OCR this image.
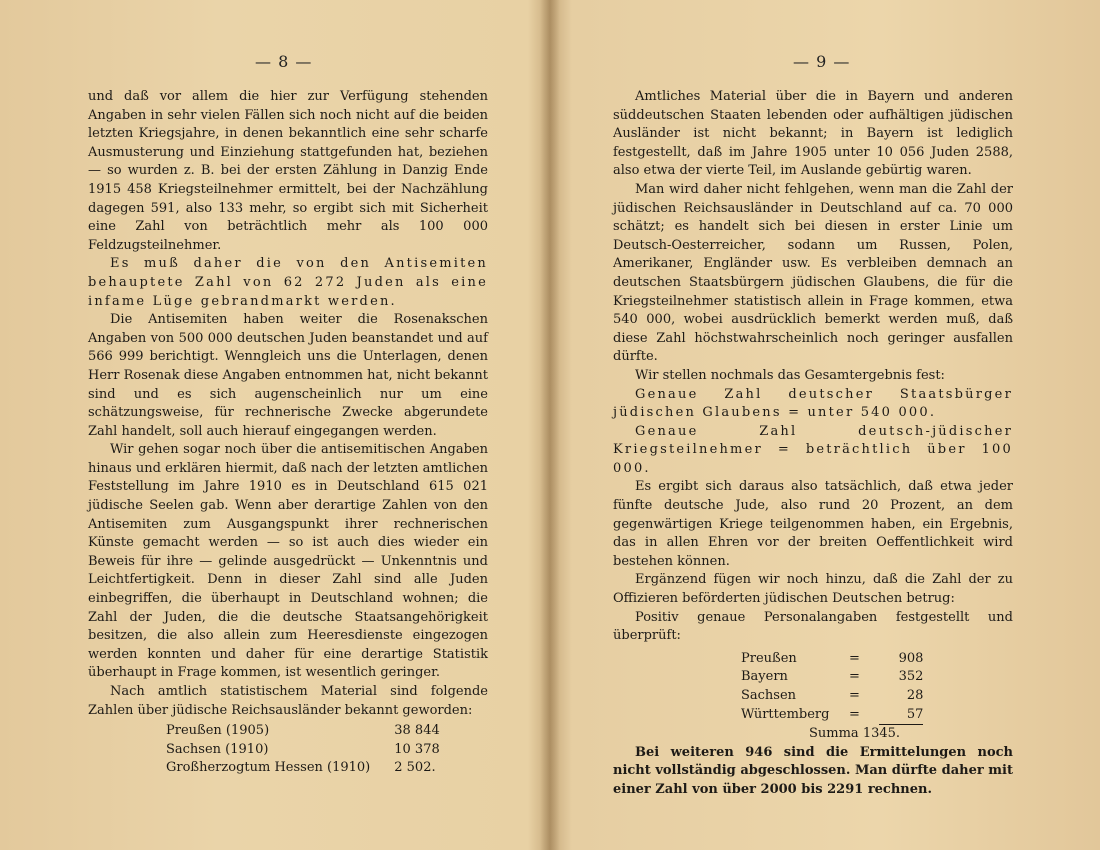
— 8 —

und daß vor allem die hier zur Verfügung stehenden Angaben in sehr vielen Fällen sich noch nicht auf die beiden letzten Kriegsjahre, in denen bekanntlich eine sehr scharfe Ausmusterung und Einziehung stattgefunden hat, beziehen — so wurden z. B. bei der ersten Zählung in Danzig Ende 1915 458 Kriegsteilnehmer ermittelt, bei der Nachzählung dagegen 591, also 133 mehr, so ergibt sich mit Sicherheit eine Zahl von beträchtlich mehr als 100 000 Feldzugsteilnehmer.

Es muß daher die von den Antisemiten behauptete Zahl von 62 272 Juden als eine infame Lüge gebrandmarkt werden.

Die Antisemiten haben weiter die Rosenakschen Angaben von 500 000 deutschen Juden beanstandet und auf 566 999 berichtigt. Wenngleich uns die Unterlagen, denen Herr Rosenak diese Angaben entnommen hat, nicht bekannt sind und es sich augenscheinlich nur um eine schätzungsweise, für rechnerische Zwecke abgerundete Zahl handelt, soll auch hierauf eingegangen werden.

Wir gehen sogar noch über die antisemitischen Angaben hinaus und erklären hiermit, daß nach der letzten amtlichen Feststellung im Jahre 1910 es in Deutschland 615 021 jüdische Seelen gab. Wenn aber derartige Zahlen von den Antisemiten zum Ausgangspunkt ihrer rechnerischen Künste gemacht werden — so ist auch dies wieder ein Beweis für ihre — gelinde ausgedrückt — Unkenntnis und Leichtfertigkeit. Denn in dieser Zahl sind alle Juden einbegriffen, die überhaupt in Deutschland wohnen; die Zahl der Juden, die die deutsche Staatsangehörigkeit besitzen, die also allein zum Heeresdienste eingezogen werden konnten und daher für eine derartige Statistik überhaupt in Frage kommen, ist wesentlich geringer.

Nach amtlich statistischem Material sind folgende Zahlen über jüdische Reichsausländer bekannt geworden:

Preußen (1905)	38 844
Sachsen (1910)	10 378
Großherzogtum Hessen (1910)	2 502.
— 9 —

Amtliches Material über die in Bayern und anderen süddeutschen Staaten lebenden oder aufhältigen jüdischen Ausländer ist nicht bekannt; in Bayern ist lediglich festgestellt, daß im Jahre 1905 unter 10 056 Juden 2588, also etwa der vierte Teil, im Auslande gebürtig waren.

Man wird daher nicht fehlgehen, wenn man die Zahl der jüdischen Reichsausländer in Deutschland auf ca. 70 000 schätzt; es handelt sich bei diesen in erster Linie um Deutsch-Oesterreicher, sodann um Russen, Polen, Amerikaner, Engländer usw. Es verbleiben demnach an deutschen Staatsbürgern jüdischen Glaubens, die für die Kriegsteilnehmer statistisch allein in Frage kommen, etwa 540 000, wobei ausdrücklich bemerkt werden muß, daß diese Zahl höchstwahrscheinlich noch geringer ausfallen dürfte.

Wir stellen nochmals das Gesamtergebnis fest:

Genaue Zahl deutscher Staatsbürger jüdischen Glaubens = unter 540 000.

Genaue Zahl deutsch-jüdischer Kriegsteilnehmer = beträchtlich über 100 000.

Es ergibt sich daraus also tatsächlich, daß etwa jeder fünfte deutsche Jude, also rund 20 Prozent, an dem gegenwärtigen Kriege teilgenommen haben, ein Ergebnis, das in allen Ehren vor der breiten Oeffentlichkeit wird bestehen können.

Ergänzend fügen wir noch hinzu, daß die Zahl der zu Offizieren beförderten jüdischen Deutschen betrug:

Positiv genaue Personalangaben festgestellt und überprüft:

Preußen	=	908
Bayern	=	352
Sachsen	=	28
Württemberg	=	57
Summa 1345.

Bei weiteren 946 sind die Ermittelungen noch nicht vollständig abgeschlossen. Man dürfte daher mit einer Zahl von über 2000 bis 2291 rechnen.
